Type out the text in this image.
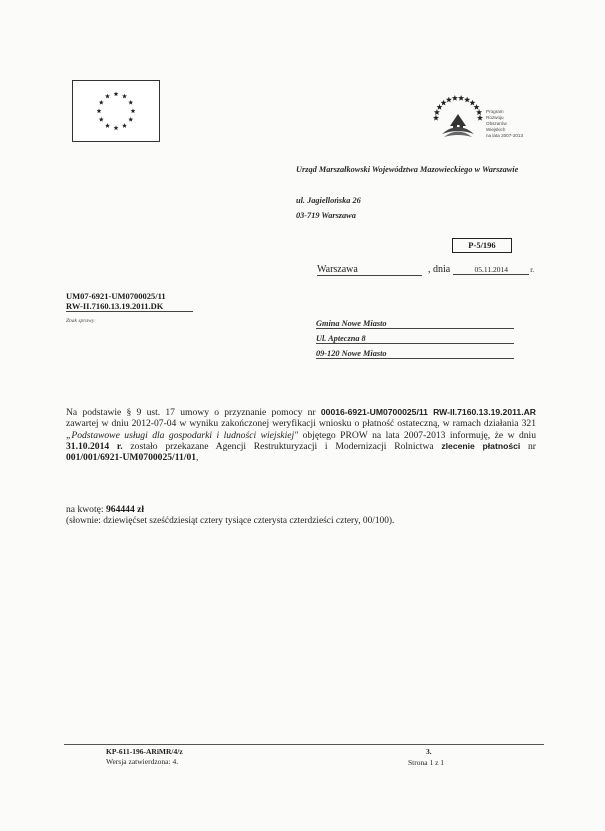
Program
Rozwoju
Obszarów
Wiejskich
na lata 2007-2013
Urząd Marszałkowski Województwa Mazowieckiego w Warszawie
ul. Jagiellońska 26
03-719 Warszawa
P-5/196
Warszawa	, dnia	05.11.2014	r.
UM07-6921-UM0700025/11
RW-II.7160.13.19.2011.DK
Znak sprawy	Gmina Nowe Miasto
Ul. Apteczna 8
09-120 Nowe Miasto
Na podstawie § 9 ust. 17 umowy o przyznanie pomocy nr 00016-6921-UM0700025/11 RW-II.7160.13.19.2011.AR zawartej w dniu 2012-07-04 w wyniku zakończonej weryfikacji wniosku o płatność ostateczną, w ramach działania 321 „Podstawowe usługi dla gospodarki i ludności wiejskiej" objętego PROW na lata 2007-2013 informuję, że w dniu 31.10.2014 r. zostało przekazane Agencji Restrukturyzacji i Modernizacji Rolnictwa zlecenie płatności nr 001/001/6921-UM0700025/11/01,
na kwotę: 964444 zł
(słownie: dziewięćset sześćdziesiąt cztery tysiące czterysta czterdzieści cztery, 00/100).
KP-611-196-ARiMR/4/z
Wersja zatwierdzona: 4.
3.
Strona 1 z 1
